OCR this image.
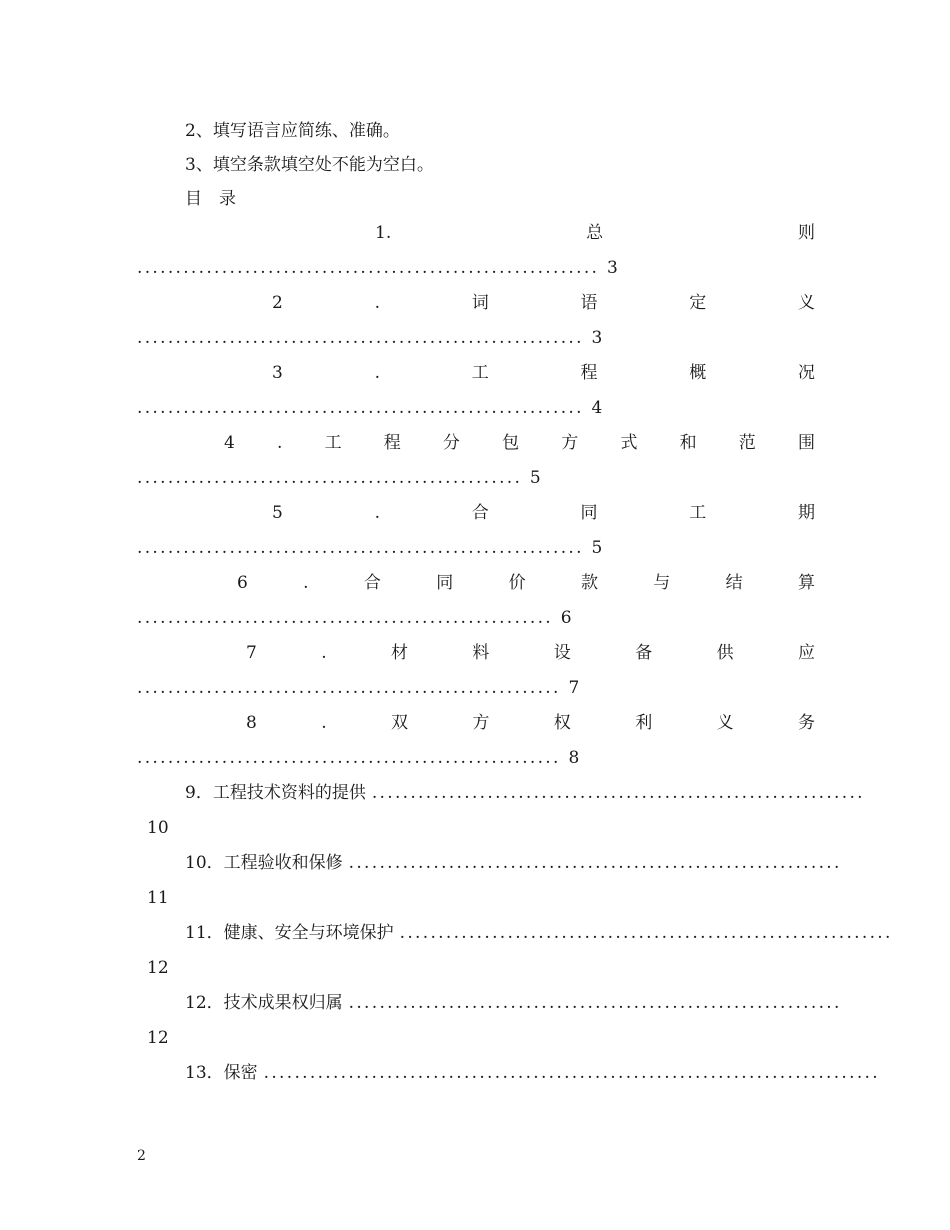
2、填写语言应简练、准确。
3、填空条款填空处不能为空白。
目　录
1.	总	则
............................................................ 3
2	.	词	语	定	义
.......................................................... 3
3	.	工	程	概	况
.......................................................... 4
4 . 工 程 分 包 方 式 和 范 围
.................................................. 5
5	.	合	同	工	期
.......................................................... 5
6	.	合	同	价	款	与	结	算
...................................................... 6
7	.	材	料	设	备	供	应
....................................................... 7
8	.	双	方	权	利	义	务
....................................................... 8
9．工程技术资料的提供 ................................................................
10
10．工程验收和保修 ................................................................
11
11．健康、安全与环境保护 ................................................................
12
12．技术成果权归属 ................................................................
12
13．保密 ................................................................................
2
